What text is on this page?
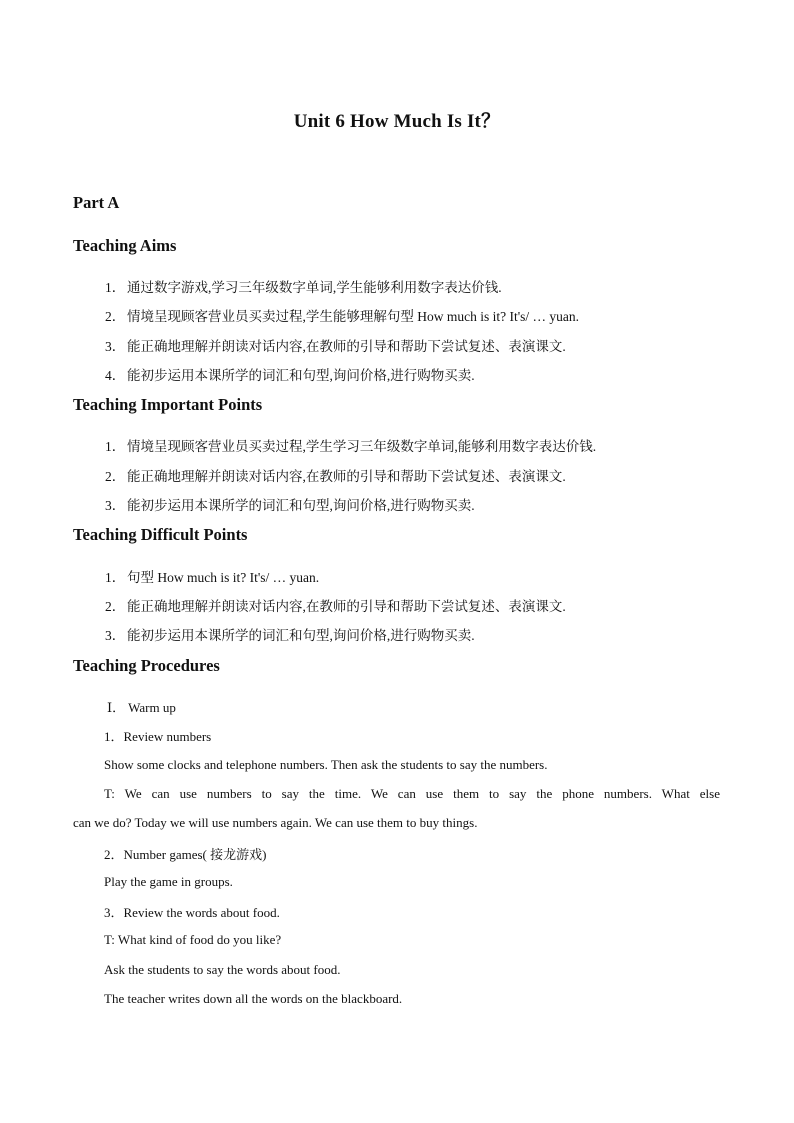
Unit 6 How Much Is It？
Part A
Teaching Aims
1． 通过数字游戏,学习三年级数字单词,学生能够利用数字表达价钱.
2． 情境呈现顾客营业员买卖过程,学生能够理解句型 How much is it? It's/ … yuan.
3． 能正确地理解并朗读对话内容,在教师的引导和帮助下尝试复述、表演课文.
4． 能初步运用本课所学的词汇和句型,询问价格,进行购物买卖.
Teaching Important Points
1． 情境呈现顾客营业员买卖过程,学生学习三年级数字单词,能够利用数字表达价钱.
2． 能正确地理解并朗读对话内容,在教师的引导和帮助下尝试复述、表演课文.
3． 能初步运用本课所学的词汇和句型,询问价格,进行购物买卖.
Teaching Difficult Points
1． 句型 How much is it? It's/ … yuan.
2． 能正确地理解并朗读对话内容,在教师的引导和帮助下尝试复述、表演课文.
3． 能初步运用本课所学的词汇和句型,询问价格,进行购物买卖.
Teaching Procedures
Ⅰ． Warm up
1．Review numbers
Show some clocks and telephone numbers. Then ask the students to say the numbers.
T: We can use numbers to say the time. We can use them to say the phone numbers. What else
can we do? Today we will use numbers again. We can use them to buy things.
2．Number games( 接龙游戏)
Play the game in groups.
3．Review the words about food.
T: What kind of food do you like?
Ask the students to say the words about food.
The teacher writes down all the words on the blackboard.
